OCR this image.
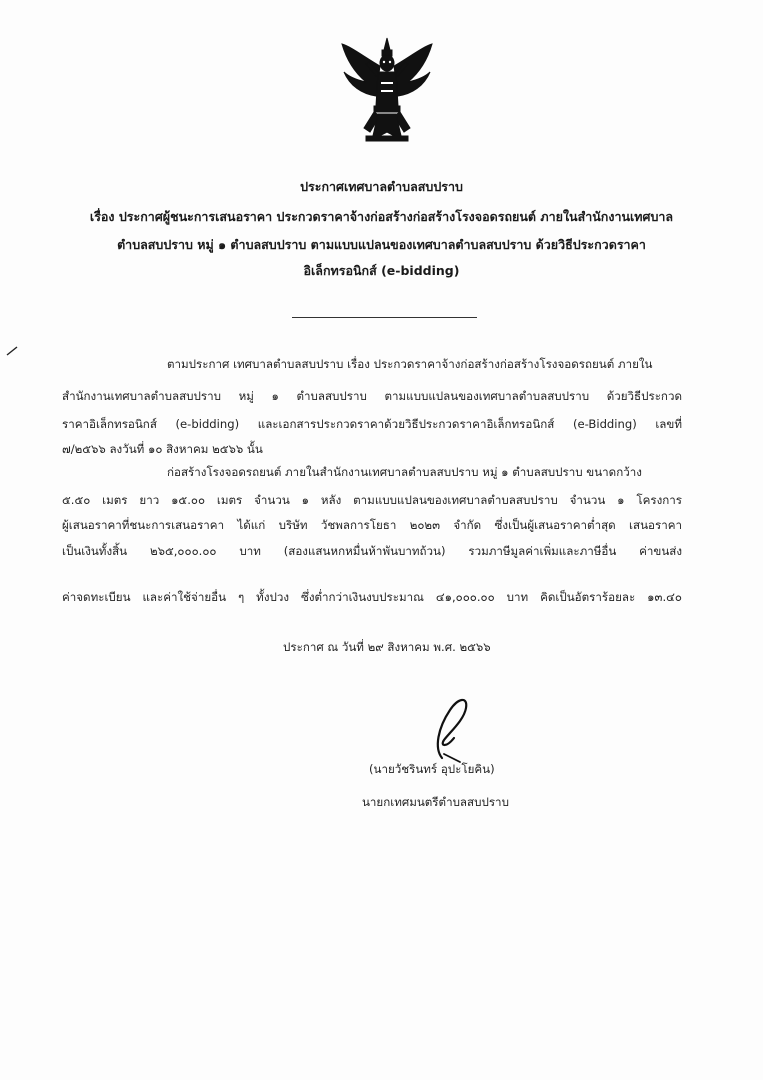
ประกาศเทศบาลตำบลสบปราบ
เรื่อง ประกาศผู้ชนะการเสนอราคา ประกวดราคาจ้างก่อสร้างก่อสร้างโรงจอดรถยนต์ ภายในสำนักงานเทศบาล
ตำบลสบปราบ หมู่ ๑ ตำบลสบปราบ ตามแบบแปลนของเทศบาลตำบลสบปราบ ด้วยวิธีประกวดราคา
อิเล็กทรอนิกส์ (e-bidding)
ตามประกาศ เทศบาลตำบลสบปราบ เรื่อง ประกวดราคาจ้างก่อสร้างก่อสร้างโรงจอดรถยนต์ ภายใน
สำนักงานเทศบาลตำบลสบปราบ หมู่ ๑ ตำบลสบปราบ ตามแบบแปลนของเทศบาลตำบลสบปราบ ด้วยวิธีประกวด
ราคาอิเล็กทรอนิกส์ (e-bidding) และเอกสารประกวดราคาด้วยวิธีประกวดราคาอิเล็กทรอนิกส์ (e-Bidding) เลขที่
๗/๒๕๖๖ ลงวันที่ ๑๐ สิงหาคม ๒๕๖๖ นั้น
ก่อสร้างโรงจอดรถยนต์ ภายในสำนักงานเทศบาลตำบลสบปราบ หมู่ ๑ ตำบลสบปราบ ขนาดกว้าง
๕.๕๐ เมตร ยาว ๑๕.๐๐ เมตร จำนวน ๑ หลัง ตามแบบแปลนของเทศบาลตำบลสบปราบ จำนวน ๑ โครงการ
ผู้เสนอราคาที่ชนะการเสนอราคา ได้แก่ บริษัท วัชพลการโยธา ๒๐๒๓ จำกัด ซึ่งเป็นผู้เสนอราคาต่ำสุด เสนอราคา
เป็นเงินทั้งสิ้น ๒๖๕,๐๐๐.๐๐ บาท (สองแสนหกหมื่นห้าพันบาทถ้วน) รวมภาษีมูลค่าเพิ่มและภาษีอื่น ค่าขนส่ง
ค่าจดทะเบียน และค่าใช้จ่ายอื่น ๆ ทั้งปวง ซึ่งต่ำกว่าเงินงบประมาณ ๔๑,๐๐๐.๐๐ บาท คิดเป็นอัตราร้อยละ ๑๓.๔๐
ประกาศ ณ วันที่ ๒๙ สิงหาคม พ.ศ. ๒๕๖๖
(นายวัชรินทร์ อุปะโยคิน)
นายกเทศมนตรีตำบลสบปราบ
